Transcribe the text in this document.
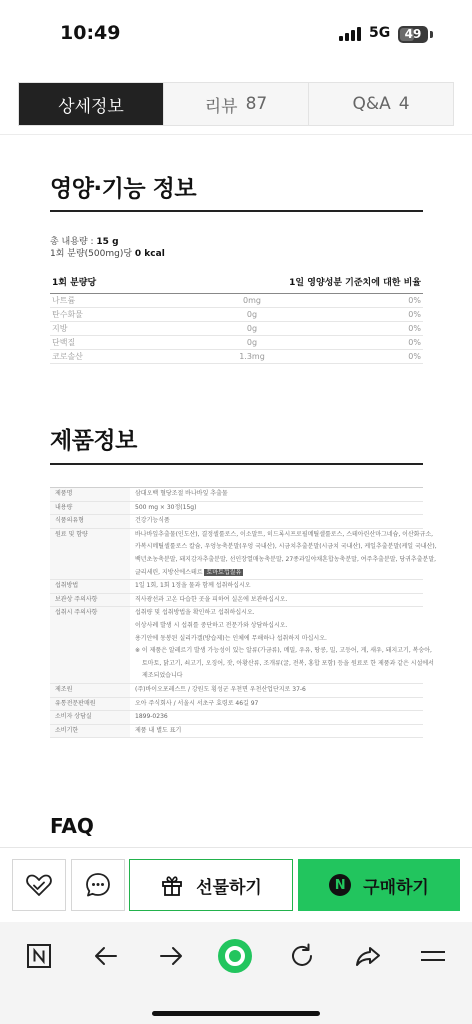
10:49	5G	49
상세정보	리뷰 87	Q&A 4
영양·기능 정보
총 내용량 : 15 g
1회 분량(500mg)당 0 kcal
1회 분량당	1일 영양성분 기준치에 대한 비율
나트륨	0mg	0%
탄수화물	0g	0%
지방	0g	0%
단백질	0g	0%
코로솔산	1.3mg	0%
제품정보
제품명	삼대오백 혈당조절 바나바잎 추출물

내용량	500 mg × 30정(15g)

식품의유형	건강기능식품

원료 및 함량	바나바잎추출물(인도산), 결정셀룰로스, 이소말트, 히드록시프로필메틸셀룰로스, 스테아린산마그네슘, 이산화규소,

카복시메틸셀룰로스 칼슘, 우엉농축분말(우엉 국내산), 시금치추출분말(시금치 국내산), 케일추출분말(케일 국내산),

백년초농축분말, 돼지감자추출분말, 선인장열매농축분말, 27종과일야채혼합농축분말, 여주추출분말, 당귀추출분말,

글리세린, 지방산에스테르 토마토껍질유

섭취방법	1일 1회, 1회 1정을 물과 함께 섭취하십시오

보관상 주의사항	직사광선과 고온 다습한 곳을 피하여 실온에 보관하십시오.

섭취시 주의사항	섭취량 및 섭취방법을 확인하고 섭취하십시오.

이상사례 발생 시 섭취를 중단하고 전문가와 상담하십시오.

용기안에 동봉된 실리카겔(방습제)는 인체에 무해하나 섭취하지 마십시오.

※ 이 제품은 알레르기 발생 가능성이 있는 알류(가금류), 메밀, 우유, 땅콩, 밀, 고등어, 게, 새우, 돼지고기, 복숭아,

토마토, 닭고기, 쇠고기, 오징어, 잣, 아황산류, 조개류(굴, 전복, 홍합 포함) 등을 원료로 한 제품과 같은 시설에서

제조되었습니다

제조원	(주)바이오포레스트 / 강원도 횡성군 우천면 우천산업단지로 37-6

유통전문판매원	오아 주식회사 / 서울시 서초구 효령로 46길 97

소비자 상담실	1899-0236

소비기한	제품 내 별도 표기

FAQ
선물하기	N	구매하기
